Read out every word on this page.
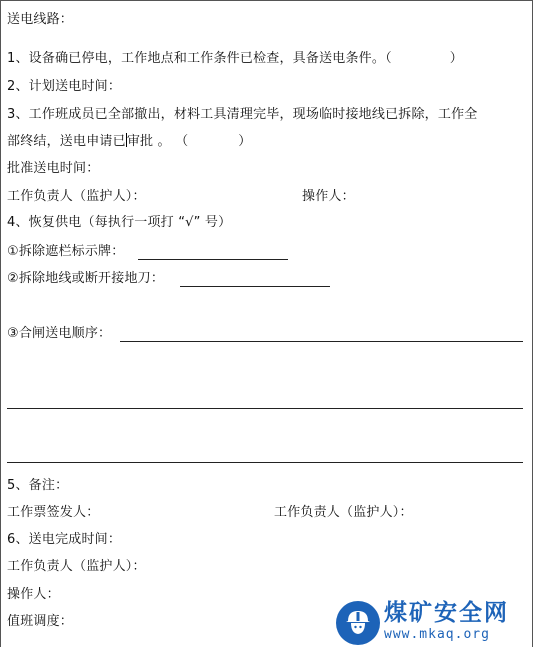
送电线路：
1、设备确已停电，工作地点和工作条件已检查，具备送电条件。（	）
2、计划送电时间：
3、工作班成员已全部撤出，材料工具清理完毕，现场临时接地线已拆除，工作全
部终结，送电申请已审批 。 （	）
批准送电时间：
工作负责人（监护人）：	操作人：
4、恢复供电（每执行一项打 “√” 号）
①拆除遮栏标示牌：
②拆除地线或断开接地刀：
③合闸送电顺序：
5、备注：
工作票签发人：	工作负责人（监护人）：
6、送电完成时间：
工作负责人（监护人）：
操作人：
值班调度：	煤矿安全网
www.mkaq.org
